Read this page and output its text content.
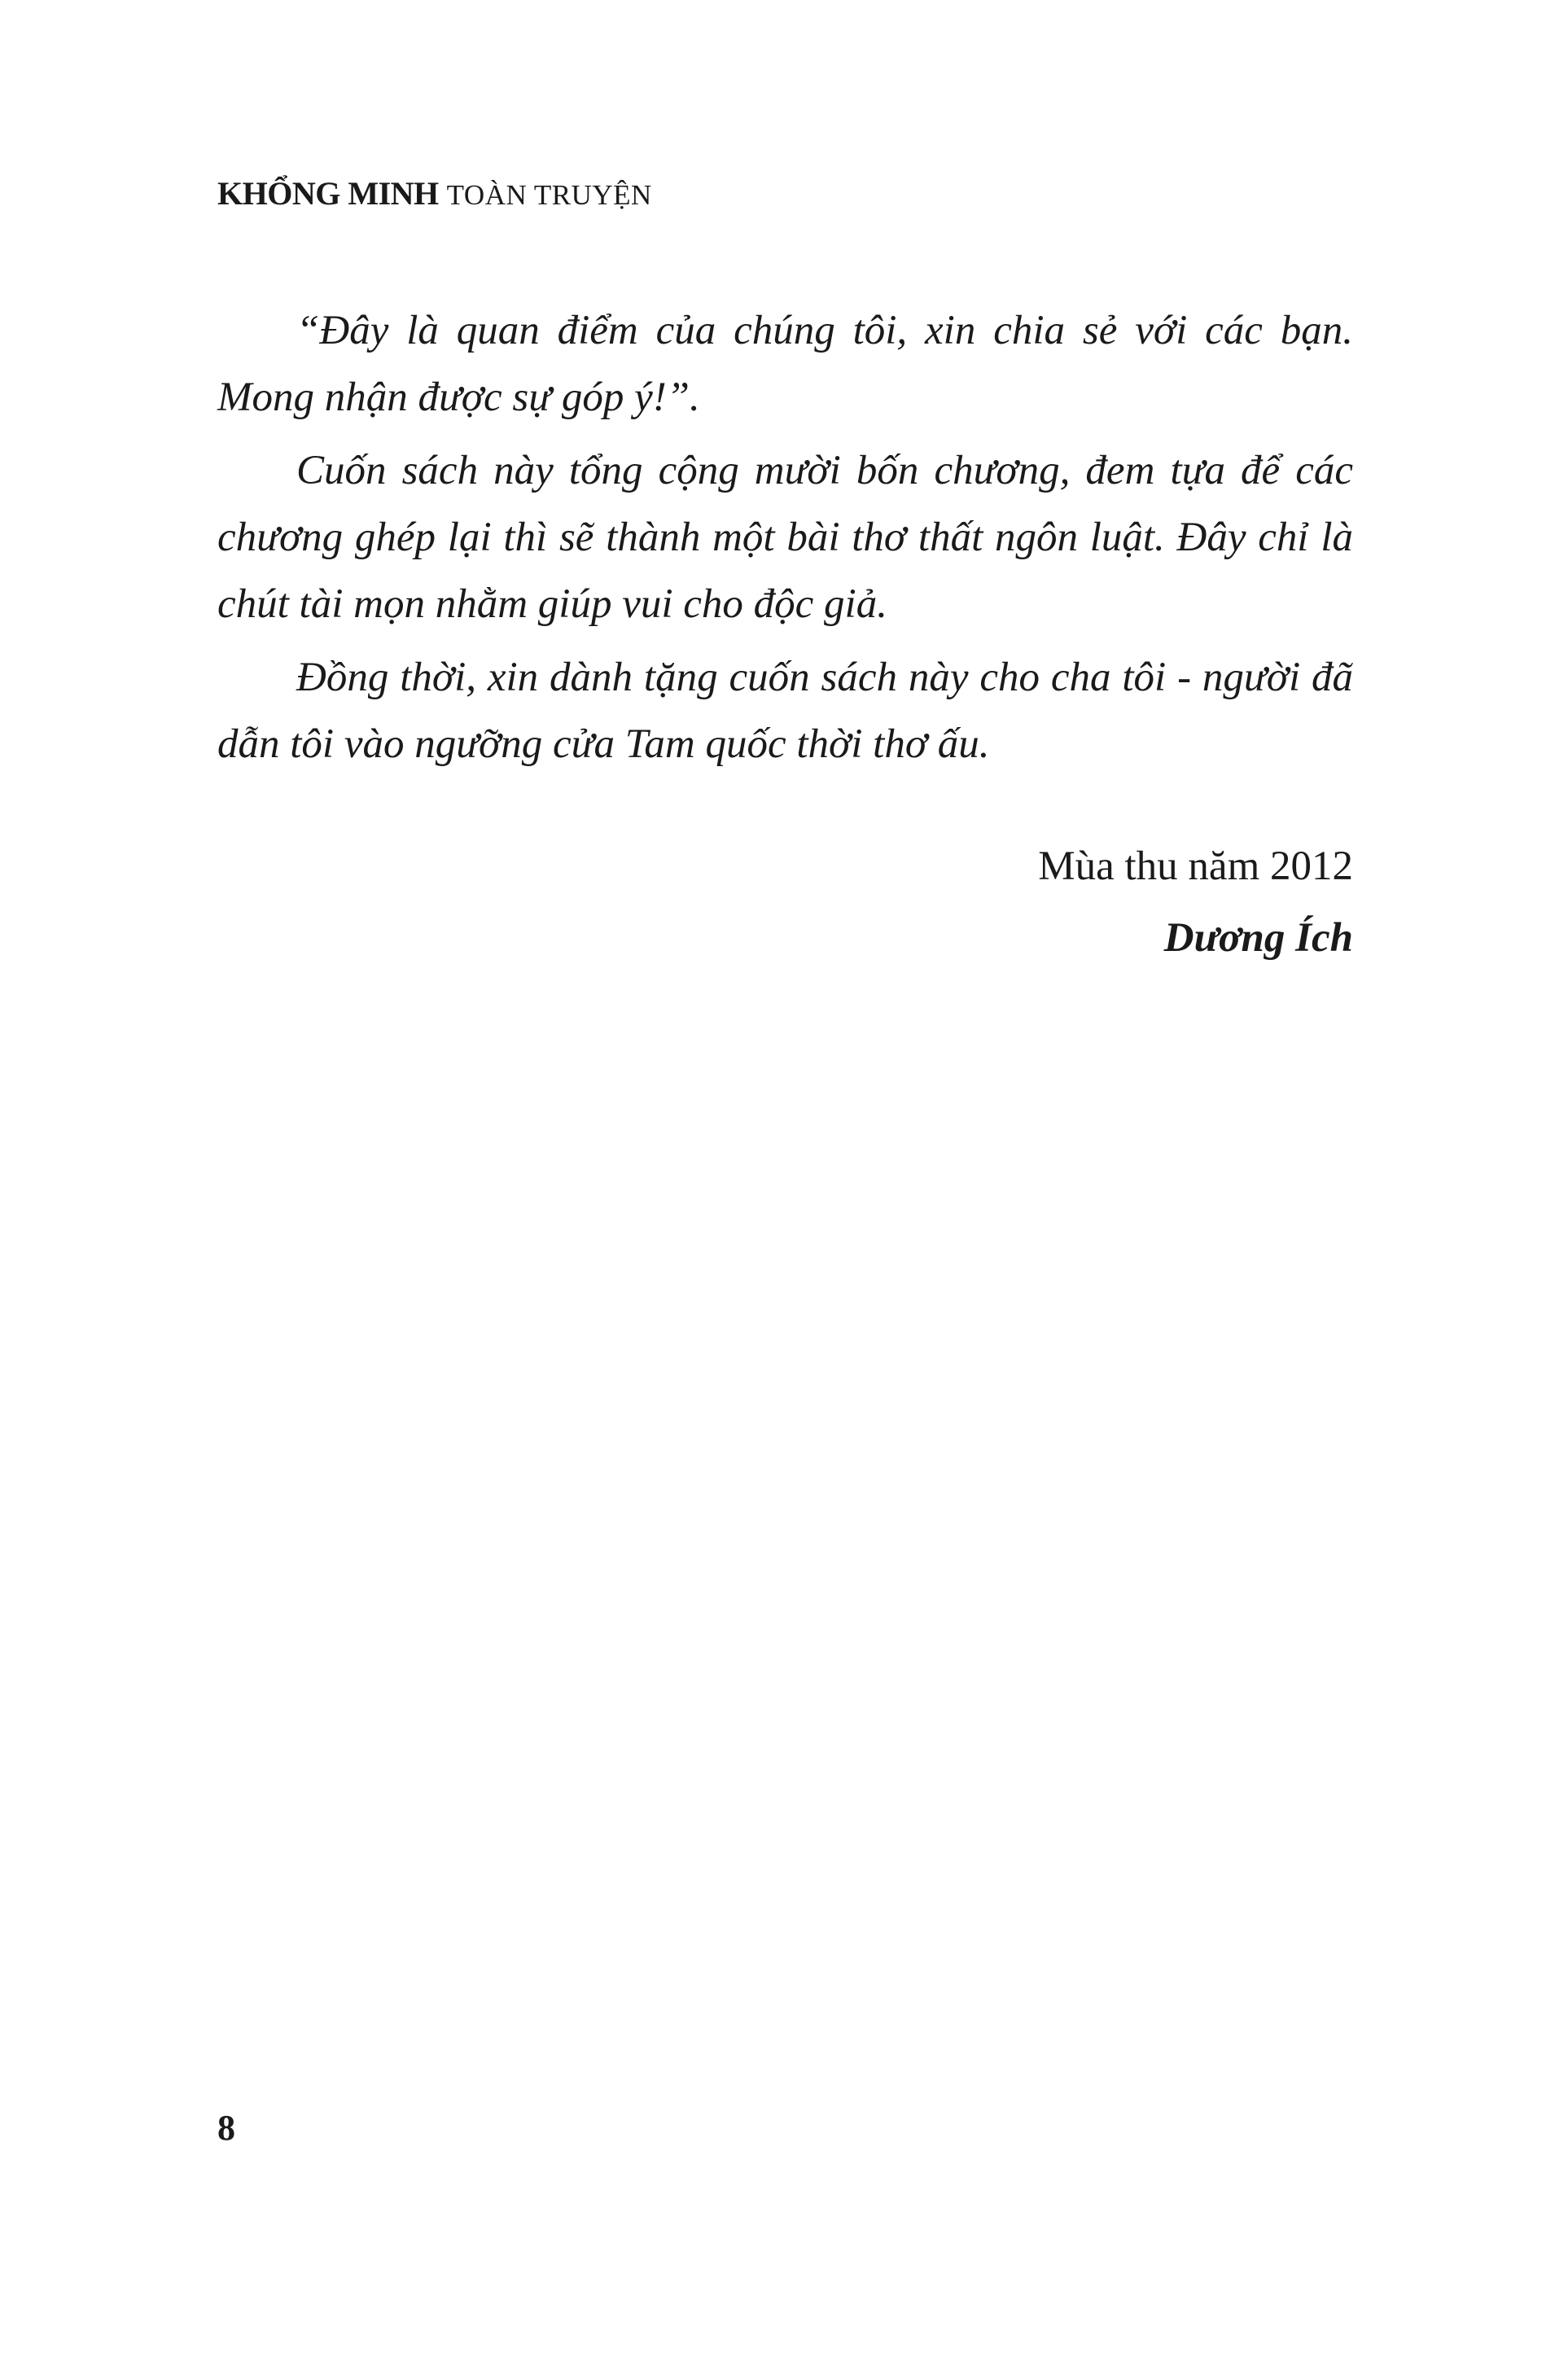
KHỔNG MINH TOÀN TRUYỆN

“Đây là quan điểm của chúng tôi, xin chia sẻ với các bạn. Mong nhận được sự góp ý!”.

Cuốn sách này tổng cộng mười bốn chương, đem tựa để các chương ghép lại thì sẽ thành một bài thơ thất ngôn luật. Đây chỉ là chút tài mọn nhằm giúp vui cho độc giả.

Đồng thời, xin dành tặng cuốn sách này cho cha tôi - người đã dẫn tôi vào ngưỡng cửa Tam quốc thời thơ ấu.

Mùa thu năm 2012
Dương Ích
8
